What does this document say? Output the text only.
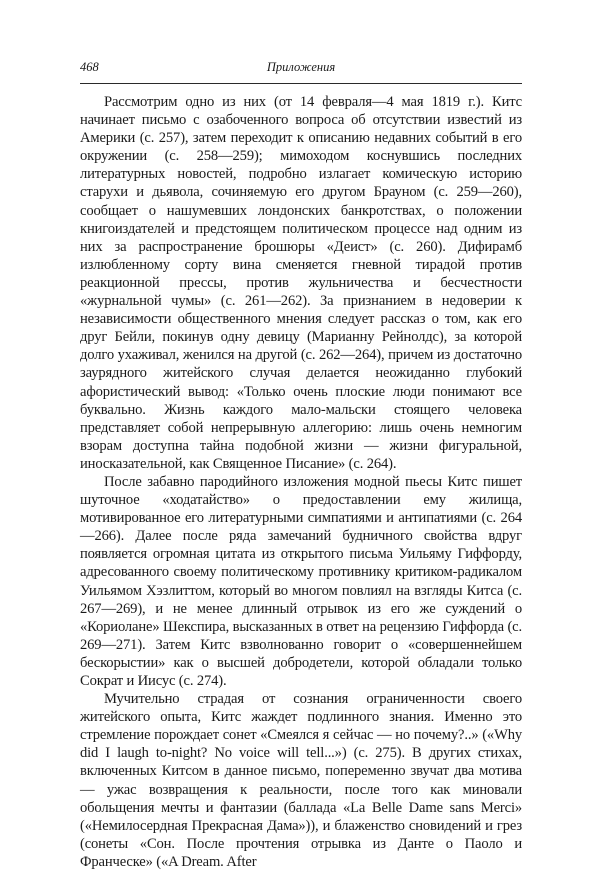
468	Приложения

Рассмотрим одно из них (от 14 февраля—4 мая 1819 г.). Китс начинает письмо с озабоченного вопроса об отсутствии известий из Америки (с. 257), затем переходит к описанию недавних событий в его окружении (с. 258—259); мимоходом коснувшись последних литературных новостей, подробно излагает комическую историю старухи и дьявола, сочиняемую его другом Брауном (с. 259—260), сообщает о нашумевших лондонских банкротствах, о положении книгоиздателей и предстоящем политическом процессе над одним из них за распространение брошюры «Деист» (с. 260). Дифирамб излюбленному сорту вина сменяется гневной тирадой против реакционной прессы, против жульничества и бесчестности «журнальной чумы» (с. 261—262). За признанием в недоверии к независимости общественного мнения следует рассказ о том, как его друг Бейли, покинув одну девицу (Марианну Рейнолдс), за которой долго ухаживал, женился на другой (с. 262—264), причем из достаточно заурядного житейского случая делается неожиданно глубокий афористический вывод: «Только очень плоские люди понимают все буквально. Жизнь каждого мало-мальски стоящего человека представляет собой непрерывную аллегорию: лишь очень немногим взорам доступна тайна подобной жизни — жизни фигуральной, иносказательной, как Священное Писание» (с. 264).

После забавно пародийного изложения модной пьесы Китс пишет шуточное «ходатайство» о предоставлении ему жилища, мотивированное его литературными симпатиями и антипатиями (с. 264—266). Далее после ряда замечаний будничного свойства вдруг появляется огромная цитата из открытого письма Уильяму Гиффорду, адресованного своему политическому противнику критиком-радикалом Уильямом Хэзлиттом, который во многом повлиял на взгляды Китса (с. 267—269), и не менее длинный отрывок из его же суждений о «Кориолане» Шекспира, высказанных в ответ на рецензию Гиффорда (с. 269—271). Затем Китс взволнованно говорит о «совершеннейшем бескорыстии» как о высшей добродетели, которой обладали только Сократ и Иисус (с. 274).

Мучительно страдая от сознания ограниченности своего житейского опыта, Китс жаждет подлинного знания. Именно это стремление порождает сонет «Смеялся я сейчас — но почему?..» («Why did I laugh to-night? No voice will tell...») (с. 275). В других стихах, включенных Китсом в данное письмо, попеременно звучат два мотива — ужас возвращения к реальности, после того как миновали обольщения мечты и фантазии (баллада «La Belle Dame sans Merci» («Немилосердная Прекрасная Дама»)), и блаженство сновидений и грез (сонеты «Сон. После прочтения отрывка из Данте о Паоло и Франческе» («A Dream. After
